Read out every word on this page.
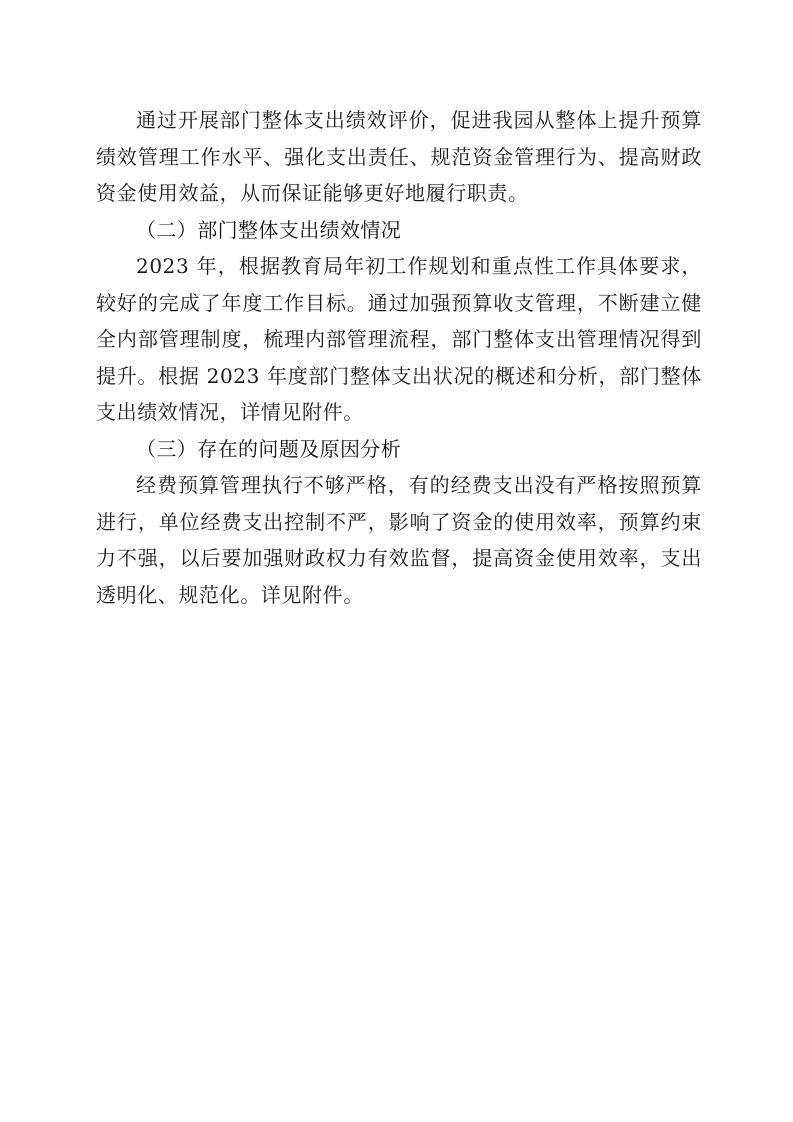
通过开展部门整体支出绩效评价，促进我园从整体上提升预算绩效管理工作水平、强化支出责任、规范资金管理行为、提高财政资金使用效益，从而保证能够更好地履行职责。

（二）部门整体支出绩效情况

2023 年，根据教育局年初工作规划和重点性工作具体要求，较好的完成了年度工作目标。通过加强预算收支管理，不断建立健全内部管理制度，梳理内部管理流程，部门整体支出管理情况得到提升。根据 2023 年度部门整体支出状况的概述和分析，部门整体支出绩效情况，详情见附件。

（三）存在的问题及原因分析

经费预算管理执行不够严格，有的经费支出没有严格按照预算进行，单位经费支出控制不严，影响了资金的使用效率，预算约束力不强，以后要加强财政权力有效监督，提高资金使用效率，支出透明化、规范化。详见附件。
